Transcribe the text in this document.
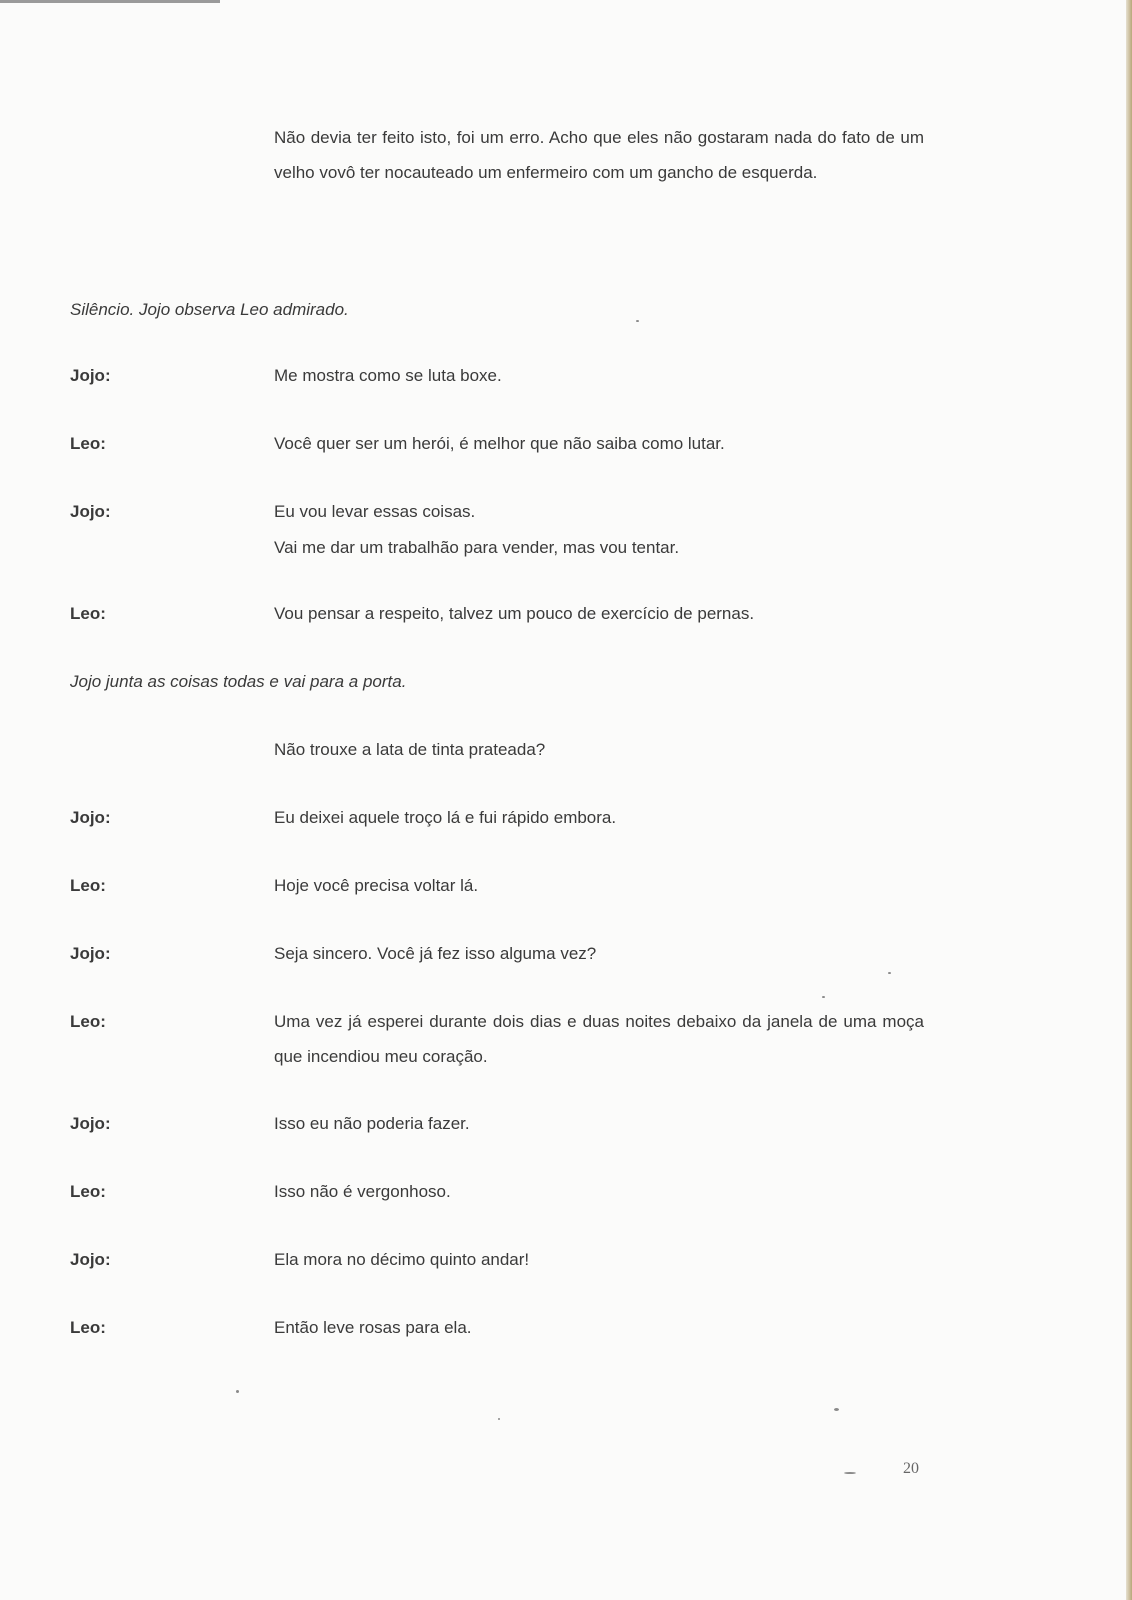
Não devia ter feito isto, foi um erro. Acho que eles não gostaram nada do fato de um velho vovô ter nocauteado um enfermeiro com um gancho de esquerda.
Silêncio. Jojo observa Leo admirado.
Jojo:	Me mostra como se luta boxe.
Leo:	Você quer ser um herói, é melhor que não saiba como lutar.
Jojo:	Eu vou levar essas coisas.
Vai me dar um trabalhão para vender, mas vou tentar.
Leo:	Vou pensar a respeito, talvez um pouco de exercício de pernas.
Jojo junta as coisas todas e vai para a porta.
Não trouxe a lata de tinta prateada?
Jojo:	Eu deixei aquele troço lá e fui rápido embora.
Leo:	Hoje você precisa voltar lá.
Jojo:	Seja sincero. Você já fez isso alguma vez?
Leo:	Uma vez já esperei durante dois dias e duas noites debaixo da janela de uma moça que incendiou meu coração.
Jojo:	Isso eu não poderia fazer.
Leo:	Isso não é vergonhoso.
Jojo:	Ela mora no décimo quinto andar!
Leo:	Então leve rosas para ela.
20
